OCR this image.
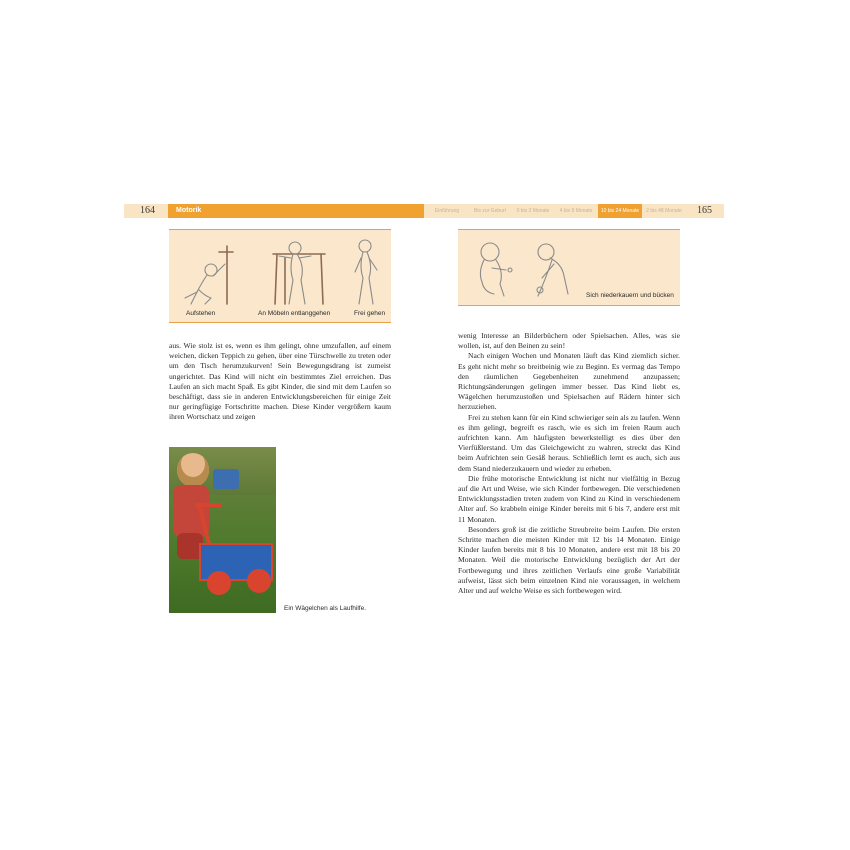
164	Motorik	Einführung	Bis zur Geburt	0 bis 3 Monate	4 bis 9 Monate	10 bis 24 Monate	2 bis 48 Monate	165
Aufstehen	An Möbeln entlanggehen	Frei gehen
Sich niederkauern und bücken

aus. Wie stolz ist es, wenn es ihm gelingt, ohne umzufallen, auf einem weichen, dicken Teppich zu gehen, über eine Türschwelle zu treten oder um den Tisch herumzukurven! Sein Bewegungsdrang ist zumeist ungerichtet. Das Kind will nicht ein bestimmtes Ziel erreichen. Das Laufen an sich macht Spaß. Es gibt Kinder, die sind mit dem Laufen so beschäftigt, dass sie in anderen Entwicklungsbereichen für einige Zeit nur geringfügige Fortschritte machen. Diese Kinder vergrößern kaum ihren Wortschatz und zeigen

Ein Wägelchen als Laufhilfe.

wenig Interesse an Bilderbüchern oder Spielsachen. Alles, was sie wollen, ist, auf den Beinen zu sein!

Nach einigen Wochen und Monaten läuft das Kind ziemlich sicher. Es geht nicht mehr so breitbeinig wie zu Beginn. Es vermag das Tempo den räumlichen Gegebenheiten zunehmend anzupassen; Richtungsänderungen gelingen immer besser. Das Kind liebt es, Wägelchen herumzustoßen und Spielsachen auf Rädern hinter sich herzuziehen.

Frei zu stehen kann für ein Kind schwieriger sein als zu laufen. Wenn es ihm gelingt, begreift es rasch, wie es sich im freien Raum auch aufrichten kann. Am häufigsten bewerkstelligt es dies über den Vierfüßlerstand. Um das Gleichgewicht zu wahren, streckt das Kind beim Aufrichten sein Gesäß heraus. Schließlich lernt es auch, sich aus dem Stand niederzukauern und wieder zu erheben.

Die frühe motorische Entwicklung ist nicht nur vielfältig in Bezug auf die Art und Weise, wie sich Kinder fortbewegen. Die verschiedenen Entwicklungsstadien treten zudem von Kind zu Kind in verschiedenem Alter auf. So krabbeln einige Kinder bereits mit 6 bis 7, andere erst mit 11 Monaten.

Besonders groß ist die zeitliche Streubreite beim Laufen. Die ersten Schritte machen die meisten Kinder mit 12 bis 14 Monaten. Einige Kinder laufen bereits mit 8 bis 10 Monaten, andere erst mit 18 bis 20 Monaten. Weil die motorische Entwicklung bezüglich der Art der Fortbewegung und ihres zeitlichen Verlaufs eine große Variabilität aufweist, lässt sich beim einzelnen Kind nie voraussagen, in welchem Alter und auf welche Weise es sich fortbewegen wird.
